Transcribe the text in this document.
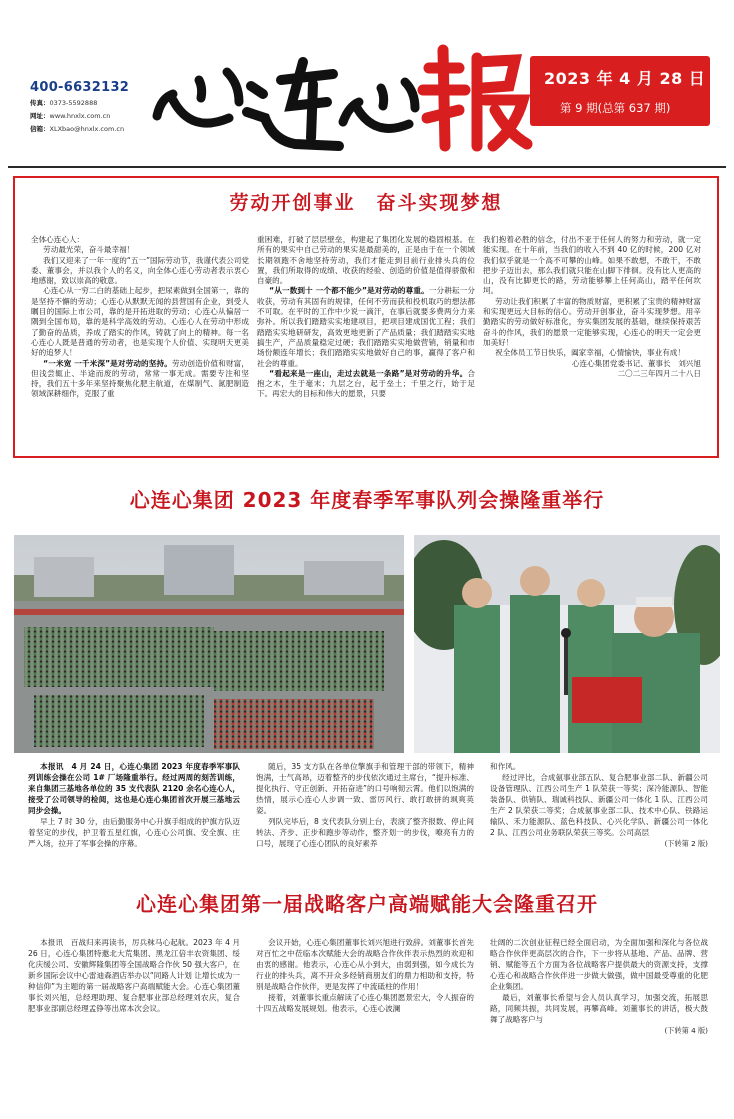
400-6632132
传真：0373-5592888
网址：www.hnxlx.com.cn
信箱：XLXbao@hnxlx.com.cn
2023 年 4 月 28 日
第 9 期(总第 637 期)
劳动开创事业　奋斗实现梦想

全体心连心人：

劳动最光荣，奋斗最幸福！

我们又迎来了一年一度的“五一”国际劳动节，我谨代表公司党委、董事会，并以我个人的名义，向全体心连心劳动者表示衷心地感谢，致以崇高的敬意。

心连心从一穷二白的基础上起步，把尿素做到全国第一，靠的是坚持不懈的劳动；心连心从默默无闻的县营国有企业，到受人瞩目的国际上市公司，靠的是开拓进取的劳动；心连心从偏居一隅到全国布局，靠的是科学高效的劳动。心连心人在劳动中形成了勤奋的品质，养成了踏实的作风，铸就了向上的精神。每一名心连心人既是普通的劳动者，也是实现个人价值、实现明天更美好的追梦人！

“一米宽 一千米深”是对劳动的坚持。劳动创造价值和财富，但浅尝辄止、半途而废的劳动，常常一事无成。需要专注和坚持，我们五十多年来坚持聚焦化肥主航道，在煤制气、氮肥制造领域深耕细作，克服了重

重困难，打破了层层壁垒，构建起了集团化发展的稳固根基。在所有的果实中自己劳动的果实是最甜美的，正是由于在一个领域长期领跑不舍地坚持劳动，我们才能走到目前行业排头兵的位置，我们所取得的成绩、收获的经验、创造的价值是值得骄傲和自豪的。

“从一数到十 一个都不能少”是对劳动的尊重。一分耕耘一分收获，劳动有其固有的规律，任何不劳而获和投机取巧的想法都不可取。在平时的工作中少说一滴汗，在事后就要多费两分力来弥补。所以我们踏踏实实地建项目，把项目建成国优工程；我们踏踏实实地研研发，高效更地更新了产品质量；我们踏踏实实地搞生产，产品质量稳定过硬；我们踏踏实实地做营销，销量和市场份额连年增长；我们踏踏实实地做好自己的事，赢得了客户和社会的尊重。

“看起来是一座山，走过去就是一条路”是对劳动的升华。合抱之木，生于毫末；九层之台，起于垒土；千里之行，始于足下。再宏大的目标和伟大的愿景，只要

我们抱着必胜的信念，付出不亚于任何人的努力和劳动，就一定能实现。在十年前，当我们的收入不到 40 亿的时候，200 亿对我们似乎就是一个高不可攀的山峰。如果不敢想，不敢干，不敢把步子迈出去，那么我们就只能在山脚下徘徊。没有比人更高的山，没有比脚更长的路，劳动能够攀上任何高山，踏平任何坎坷。

劳动让我们积累了丰富的物质财富，更积累了宝贵的精神财富和实现更远大目标的信心。劳动开创事业，奋斗实现梦想。用辛勤踏实的劳动做好标准化，夯实集团发展的基础，继续保持艰苦奋斗的作风，我们的愿景一定能够实现，心连心的明天一定会更加美好！

祝全体员工节日快乐，阖家幸福，心情愉快，事业有成！

心连心集团党委书记、董事长　刘兴旭

二〇二三年四月二十八日

心连心集团 2023 年度春季军事队列会操隆重举行

本报讯　4 月 24 日，心连心集团 2023 年度春季军事队列训练会操在公司 1# 厂场隆重举行。经过两周的刻苦训练，来自集团三基地各单位的 35 支代表队 2120 余名心连心人，接受了公司领导的检阅，这也是心连心集团首次开展三基地云同步会操。

早上 7 时 30 分，由后勤服务中心升旗手组成的护旗方队迈着坚定的步伐，护卫着五星红旗，心连心公司旗、安全旗、庄严入场，拉开了军事会操的序幕。

随后，35 支方队在各单位擎旗手和管理干部的带领下，精神饱满，士气高昂，迈着整齐的步伐依次通过主席台，“提升标准、提化执行、守正创新、开拓奋进”的口号响彻云霄。他们以饱满的热情，展示心连心人步调一致、雷厉风行、敢打敢拼的飒爽英姿。

列队完毕后，8 支代表队分别上台，表演了整齐报数、停止间转法、齐步、正步和跑步等动作，整齐划一的步伐，嘹亮有力的口号，展现了心连心团队的良好素养

和作风。

经过评比，合成氨事业部五队、复合肥事业部二队、新疆公司设备管理队、江西公司生产 1 队荣获一等奖；深冷能源队、智能装备队、供销队、瑞诚科技队、新疆公司一体化 1 队、江西公司生产 2 队荣获二等奖；合成氨事业部二队、技术中心队、铁路运输队、禾力能源队、蓝色科技队、心兴化学队、新疆公司一体化 2 队、江西公司业务联队荣获三等奖。公司高层

(下转第 2 版)
心连心集团第一届战略客户高端赋能大会隆重召开

本报讯　百战归来再读书，厉兵秣马心起航。2023 年 4 月 26 日，心连心集团特邀北大荒集团、黑龙江倍丰农资集团、绥化庆缓公司、安徽辉隆集团等全国战略合作伙 50 强大客户，在新乡国际会议中心雷迪森酒店举办以“同路人计划 让增长成为一种信仰”为主题的第一届战略客户高端赋能大会。心连心集团董事长刘兴旭，总经理助理、复合肥事业部总经理刘农庆，复合肥事业部副总经理孟铮等出席本次会议。

会议开始，心连心集团董事长刘兴旭进行致辞。刘董事长首先对百忙之中莅临本次赋能大会的战略合作伙伴表示热烈的欢迎和由衷的感谢。他表示，心连心从小到大，由弱到强，如今成长为行业的排头兵，离不开众多经销商朋友们的鼎力相助和支持，特别是战略合作伙伴，更是发挥了中流砥柱的作用！

接着，刘董事长重点解读了心连心集团愿景宏大，令人振奋的十四五战略发展规划。他表示，心连心波澜

壮阔的二次创业征程已经全面启动，为全面加强和深化与各位战略合作伙伴更高层次的合作，下一步将从基地、产品、品牌、营销、赋能等五个方面为各位战略客户提供最大的资源支持，支撑心连心和战略合作伙伴进一步做大做强，做中国最受尊重的化肥企业集团。

最后，刘董事长希望与会人员认真学习，加强交流，拓展思路，同频共振，共同发展，再攀高峰。刘董事长的讲话，极大鼓舞了战略客户与

(下转第 4 版)
